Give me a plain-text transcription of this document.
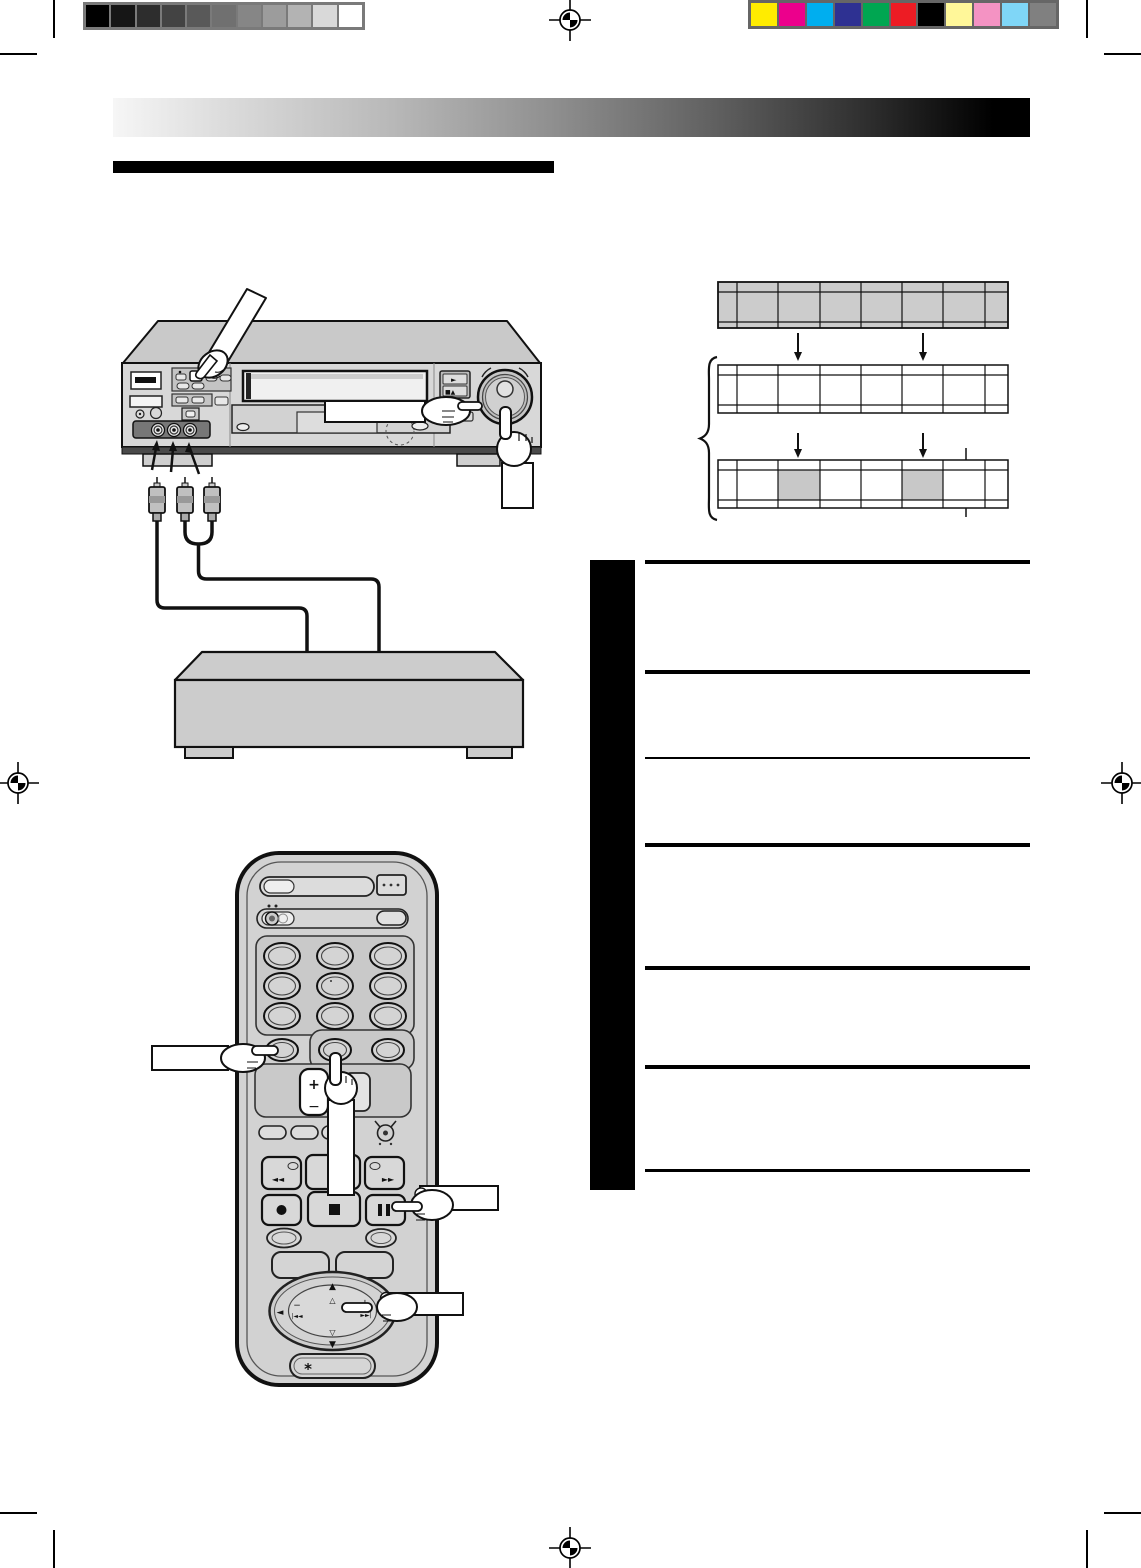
►
■▲
+
−
◄◄	►►
▲
▼
◄
△
▽
−
|◄◄	►►|
*
